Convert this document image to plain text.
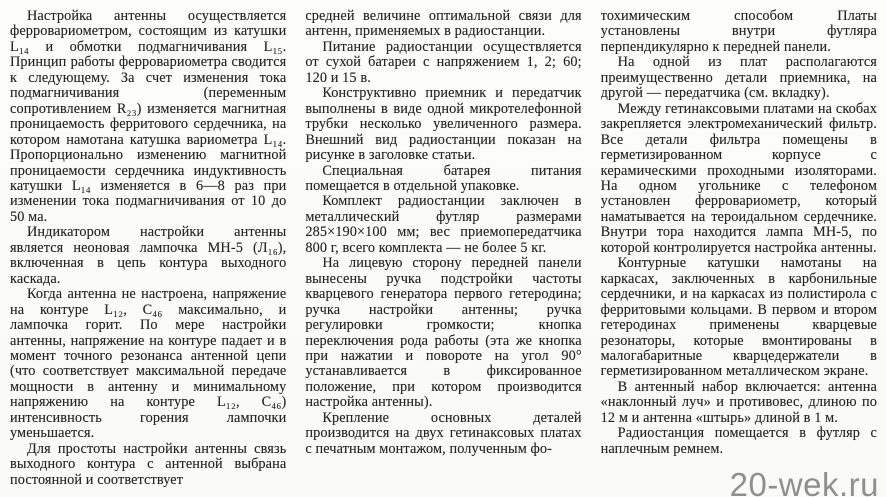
Настройка антенны осуществляется ферровариометром, состоящим из катушки L₁₄ и обмотки подмагничивания L₁₅. Принцип работы ферровариометра сводится к следующему. За счет изменения тока подмагничивания (переменным сопротивлением R₂₃) изменяется магнитная проницаемость ферритового сердечника, на котором намотана катушка вариометра L₁₄. Пропорционально изменению магнитной проницаемости сердечника индуктивность катушки L₁₄ изменяется в 6—8 раз при изменении тока подмагничивания от 10 до 50 ма.

Индикатором настройки антенны является неоновая лампочка МН-5 (Л₁₆), включенная в цепь контура выходного каскада.

Когда антенна не настроена, напряжение на контуре L₁₂, C₄₆ максимально, и лампочка горит. По мере настройки антенны, напряжение на контуре падает и в момент точного резонанса антенной цепи (что соответствует максимальной передаче мощности в антенну и минимальному напряжению на контуре L₁₂, C₄₆) интенсивность горения лампочки уменьшается.

Для простоты настройки антенны связь выходного контура с антенной выбрана постоянной и соответствует

средней величине оптимальной связи для антенн, применяемых в радиостанции.

Питание радиостанции осуществляется от сухой батареи с напряжением 1, 2; 60; 120 и 15 в.

Конструктивно приемник и передатчик выполнены в виде одной микротелефонной трубки несколько увеличенного размера. Внешний вид радиостанции показан на рисунке в заголовке статьи.

Специальная батарея питания помещается в отдельной упаковке.

Комплект радиостанции заключен в металлический футляр размерами 285×190×100 мм; вес приемопередатчика 800 г, всего комплекта — не более 5 кг.

На лицевую сторону передней панели вынесены ручка подстройки частоты кварцевого генератора первого гетеродина; ручка настройки антенны; ручка регулировки громкости; кнопка переключения рода работы (эта же кнопка при нажатии и повороте на угол 90° устанавливается в фиксированное положение, при котором производится настройка антенны).

Крепление основных деталей производится на двух гетинаксовых платах с печатным монтажом, полученным фо-

тохимическим способом Платы установлены внутри футляра перпендикулярно к передней панели.

На одной из плат располагаются преимущественно детали приемника, на другой — передатчика (см. вкладку).

Между гетинаксовыми платами на скобах закрепляется электромеханический фильтр. Все детали фильтра помещены в герметизированном корпусе с керамическими проходными изоляторами. На одном угольнике с телефоном установлен ферровариометр, который наматывается на тероидальном сердечнике. Внутри тора находится лампа МН-5, по которой контролируется настройка антенны.

Контурные катушки намотаны на каркасах, заключенных в карбонильные сердечники, и на каркасах из полистирола с ферритовыми кольцами. В первом и втором гетеродинах применены кварцевые резонаторы, которые вмонтированы в малогабаритные кварцедержатели в герметизированном металлическом экране.

В антенный набор включается: антенна «наклонный луч» и противовес, длиною по 12 м и антенна «штырь» длиной в 1 м.

Радиостанция помещается в футляр с наплечным ремнем.

20-wek.ru
